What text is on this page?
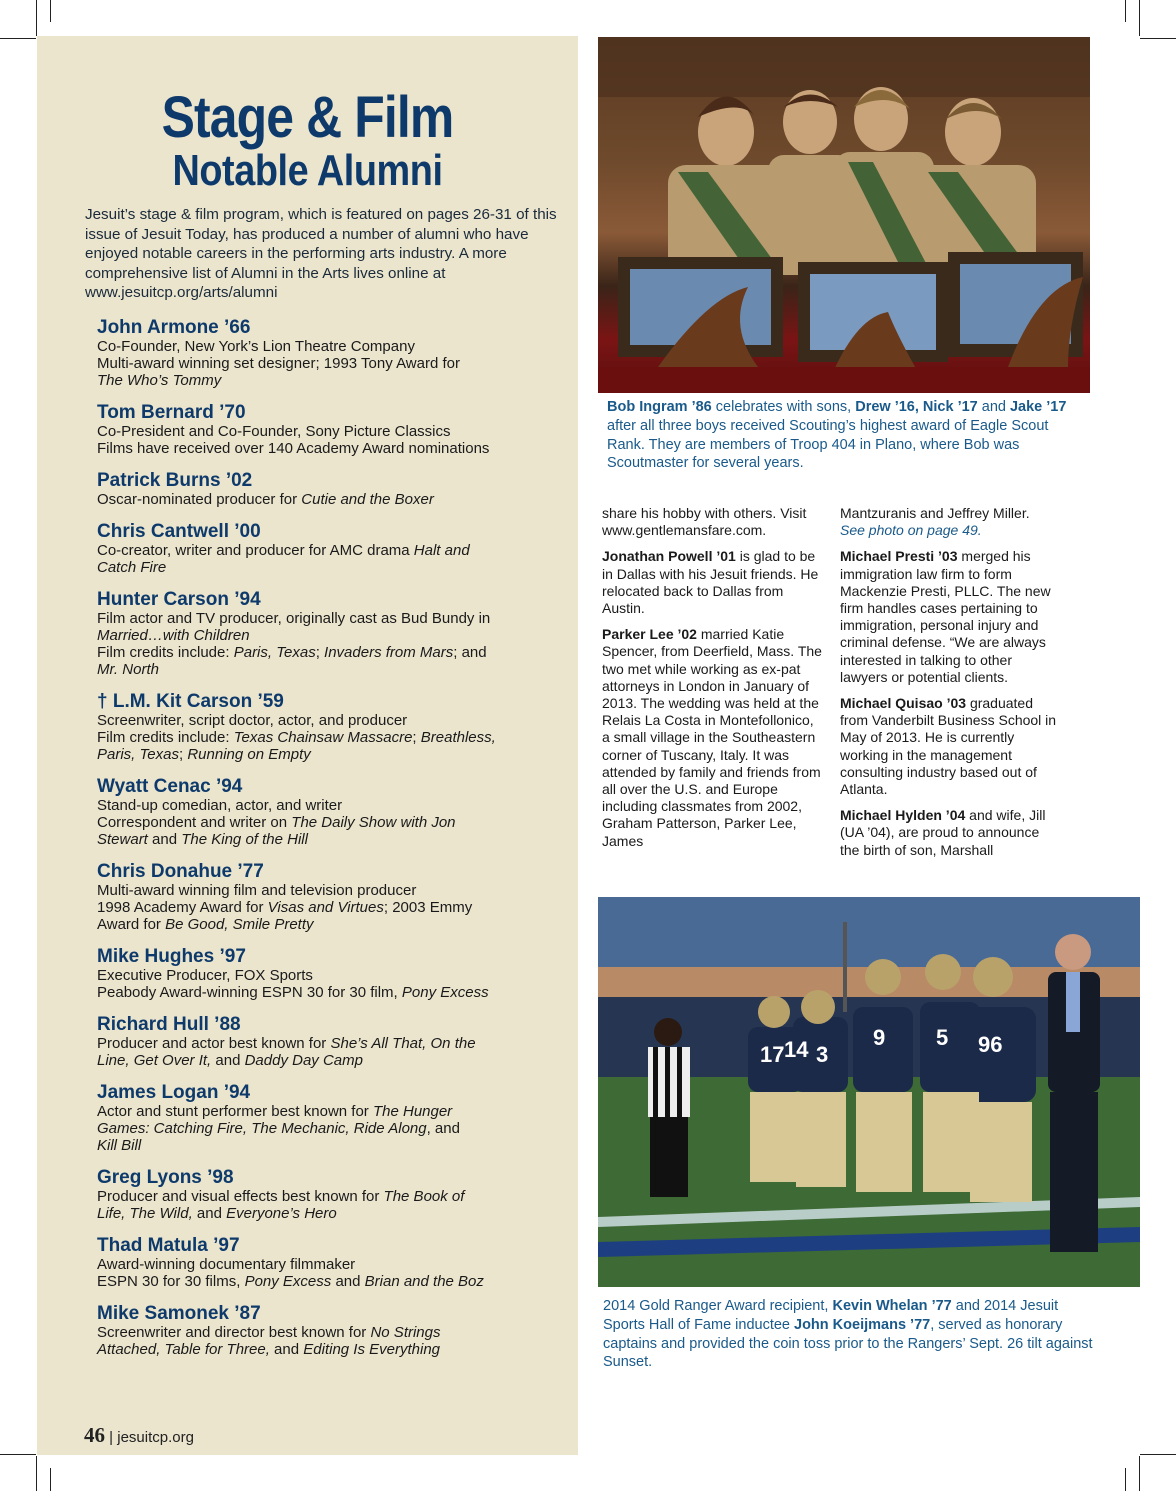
Stage & Film
Notable Alumni
Jesuit’s stage & film program, which is featured on pages 26-31 of this issue of Jesuit Today, has produced a number of alumni who have enjoyed notable careers in the performing arts industry. A more comprehensive list of Alumni in the Arts lives online at www.jesuitcp.org/arts/alumni
John Armone ’66
Co-Founder, New York’s Lion Theatre Company
Multi-award winning set designer; 1993 Tony Award for
The Who’s Tommy
Tom Bernard ’70
Co-President and Co-Founder, Sony Picture Classics
Films have received over 140 Academy Award nominations
Patrick Burns ’02
Oscar-nominated producer for Cutie and the Boxer
Chris Cantwell ’00
Co-creator, writer and producer for AMC drama Halt and
Catch Fire
Hunter Carson ’94
Film actor and TV producer, originally cast as Bud Bundy in
Married…with Children
Film credits include: Paris, Texas; Invaders from Mars; and
Mr. North
† L.M. Kit Carson ’59
Screenwriter, script doctor, actor, and producer
Film credits include: Texas Chainsaw Massacre; Breathless,
Paris, Texas; Running on Empty
Wyatt Cenac ’94
Stand-up comedian, actor, and writer
Correspondent and writer on The Daily Show with Jon
Stewart and The King of the Hill
Chris Donahue ’77
Multi-award winning film and television producer
1998 Academy Award for Visas and Virtues; 2003 Emmy
Award for Be Good, Smile Pretty
Mike Hughes ’97
Executive Producer, FOX Sports
Peabody Award-winning ESPN 30 for 30 film, Pony Excess
Richard Hull ’88
Producer and actor best known for She’s All That, On the
Line, Get Over It, and Daddy Day Camp
James Logan ’94
Actor and stunt performer best known for The Hunger
Games: Catching Fire, The Mechanic, Ride Along, and
Kill Bill
Greg Lyons ’98
Producer and visual effects best known for The Book of
Life, The Wild, and Everyone’s Hero
Thad Matula ’97
Award-winning documentary filmmaker
ESPN 30 for 30 films, Pony Excess and Brian and the Boz
Mike Samonek ’87
Screenwriter and director best known for No Strings
Attached, Table for Three, and Editing Is Everything
46 | jesuitcp.org
Bob Ingram ’86 celebrates with sons, Drew ’16, Nick ’17 and Jake ’17 after all three boys received Scouting’s highest award of Eagle Scout Rank. They are members of Troop 404 in Plano, where Bob was Scoutmaster for several years.

share his hobby with others. Visit www.gentlemansfare.com.

Jonathan Powell ’01 is glad to be in Dallas with his Jesuit friends. He relocated back to Dallas from Austin.

Parker Lee ’02 married Katie Spencer, from Deerfield, Mass. The two met while working as ex-pat attorneys in London in January of 2013. The wedding was held at the Relais La Costa in Montefollonico, a small village in the Southeastern corner of Tuscany, Italy. It was attended by family and friends from all over the U.S. and Europe including classmates from 2002, Graham Patterson, Parker Lee, James

Mantzuranis and Jeffrey Miller.
See photo on page 49.

Michael Presti ’03 merged his immigration law firm to form Mackenzie Presti, PLLC. The new firm handles cases pertaining to immigration, personal injury and criminal defense. “We are always interested in talking to other lawyers or potential clients.

Michael Quisao ’03 graduated from Vanderbilt Business School in May of 2013. He is currently working in the management consulting industry based out of Atlanta.

Michael Hylden ’04 and wife, Jill (UA ’04), are proud to announce the birth of son, Marshall

17 14 3
9 5 96
2014 Gold Ranger Award recipient, Kevin Whelan ’77 and 2014 Jesuit Sports Hall of Fame inductee John Koeijmans ’77, served as honorary captains and provided the coin toss prior to the Rangers’ Sept. 26 tilt against Sunset.
